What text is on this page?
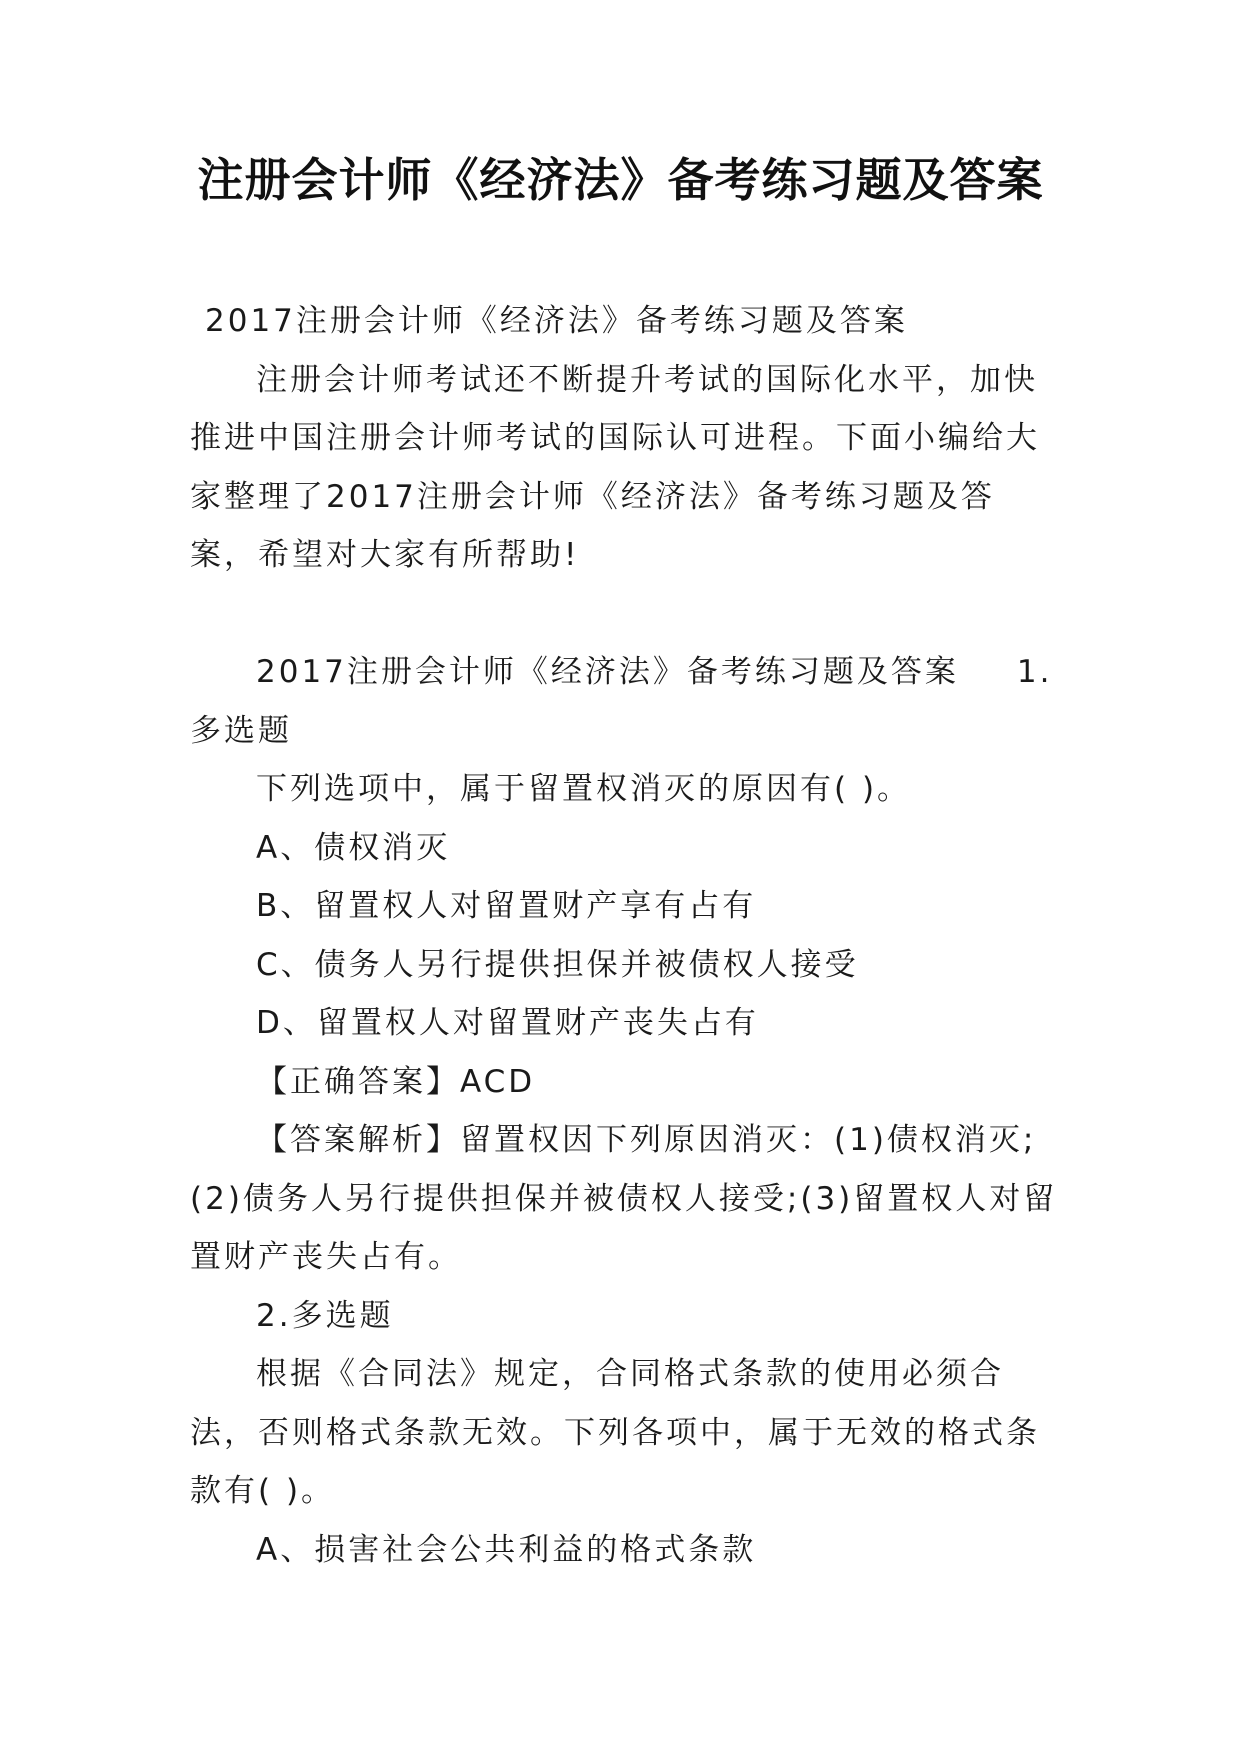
注册会计师《经济法》备考练习题及答案

2017注册会计师《经济法》备考练习题及答案

注册会计师考试还不断提升考试的国际化水平，加快推进中国注册会计师考试的国际认可进程。下面小编给大家整理了2017注册会计师《经济法》备考练习题及答案，希望对大家有所帮助!

2017注册会计师《经济法》备考练习题及答案 1.多选题

下列选项中，属于留置权消灭的原因有( )。

A、债权消灭

B、留置权人对留置财产享有占有

C、债务人另行提供担保并被债权人接受

D、留置权人对留置财产丧失占有

【正确答案】ACD

【答案解析】留置权因下列原因消灭：(1)债权消灭;(2)债务人另行提供担保并被债权人接受;(3)留置权人对留置财产丧失占有。

2.多选题

根据《合同法》规定，合同格式条款的使用必须合法，否则格式条款无效。下列各项中，属于无效的格式条款有( )。

A、损害社会公共利益的格式条款
